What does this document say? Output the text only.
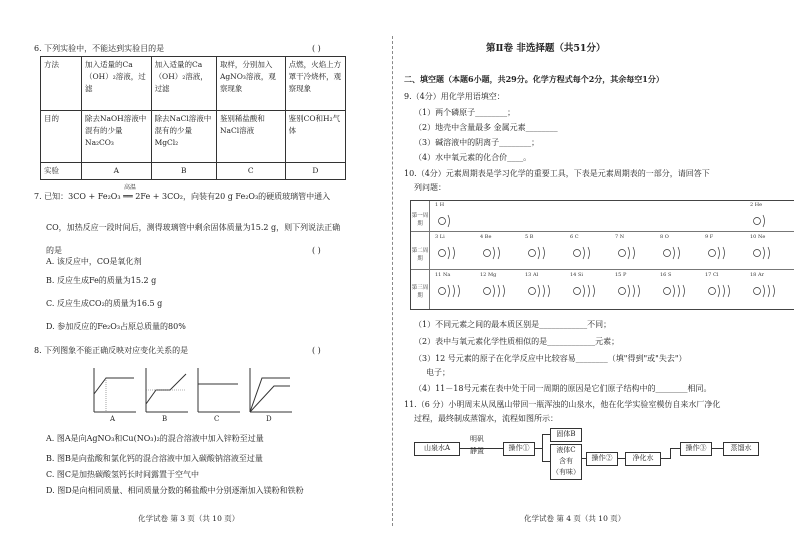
6. 下列实验中，不能达到实验目的是	( )
方法	加入适量的Ca（OH）₂溶液，过滤	加入适量的Ca（OH）₂溶液，过滤	取样，分别加入AgNO₃溶液，观察现象	点燃，火焰上方罩干冷烧杯，观察现象
目的	除去NaOH溶液中混有的少量Na₂CO₃	除去NaCl溶液中混有的少量MgCl₂	鉴别稀盐酸和NaCl溶液	鉴别CO和H₂气体
实验	A	B	C	D
高温
7. 已知：3CO + Fe₂O₃ ══ 2Fe + 3CO₂，向装有20 g Fe₂O₃的硬质玻璃管中通入
CO，加热反应一段时间后，测得玻璃管中剩余固体质量为15.2 g，则下列说法正确
的是	( )
A. 该反应中，CO是氧化剂
B. 反应生成Fe的质量为15.2 g
C. 反应生成CO₂的质量为16.5 g
D. 参加反应的Fe₂O₃占原总质量的80%
8. 下列图象不能正确反映对应变化关系的是	( )
A	B	C	D
A. 图A是向AgNO₃和Cu(NO₃)₂的混合溶液中加入锌粉至过量
B. 图B是向盐酸和氯化钙的混合溶液中加入碳酸钠溶液至过量
C. 图C是加热碳酸氢钙长时间露置于空气中
D. 图D是向相同质量、相同质量分数的稀盐酸中分别逐渐加入镁粉和铁粉
化学试卷 第 3 页（共 10 页）
第Ⅱ卷 非选择题（共51分）
二、填空题（本题6小题，共29分。化学方程式每个2分，其余每空1分）
9.（4分）用化学用语填空：
（1）两个磷原子________；
（2）地壳中含量最多 金属元素________
（3）碱溶液中的阴离子________；
（4）水中氧元素的化合价____。
10.（4分）元素周期表是学习化学的重要工具，下表是元素周期表的一部分，请回答下
列问题：
第一周期
第二周期
第三周期
1 H	2 He
3 Li	4 Be	5 B	6 C	7 N	8 O	9 F	10 Ne
11 Na	12 Mg	13 Al	14 Si	15 P	16 S	17 Cl	18 Ar
（1）不同元素之间的最本质区别是____________不同；
（2）表中与氧元素化学性质相似的是____________元素；
（3）12 号元素的原子在化学反应中比较容易________（填"得到"或"失去"）
电子；
（4）11－18号元素在表中处于同一周期的原因是它们原子结构中的________相同。
11.（6 分）小明周末从凤凰山带回一瓶浑浊的山泉水，他在化学实验室模仿自来水厂净化
过程，最终制成蒸馏水，流程如图所示：
山泉水A
明矾
静置	操作①
固体B
液体C
含有
（有味）
操作②	净化水
操作③	蒸馏水
化学试卷 第 4 页（共 10 页）
